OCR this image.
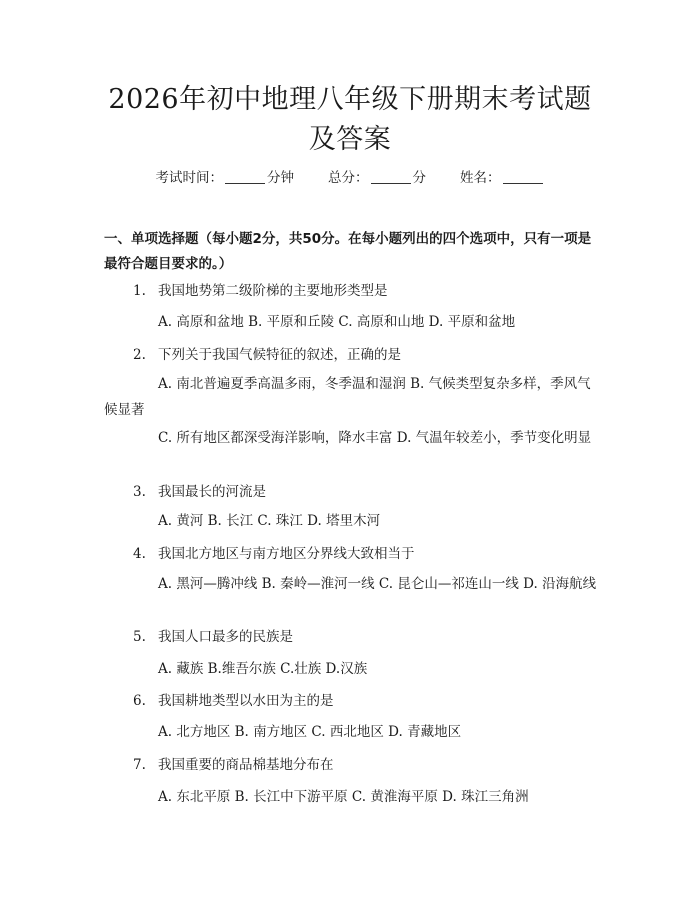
2026年初中地理八年级下册期末考试题及答案
考试时间：	分钟	总分：	分	姓名：
一、单项选择题（每小题2分，共50分。在每小题列出的四个选项中，只有一项是最符合题目要求的。）
1. 我国地势第二级阶梯的主要地形类型是
A. 高原和盆地 B. 平原和丘陵 C. 高原和山地 D. 平原和盆地
2. 下列关于我国气候特征的叙述，正确的是
A. 南北普遍夏季高温多雨，冬季温和湿润 B. 气候类型复杂多样，季风气候显著
C. 所有地区都深受海洋影响，降水丰富 D. 气温年较差小，季节变化明显
3. 我国最长的河流是
A. 黄河 B. 长江 C. 珠江 D. 塔里木河
4. 我国北方地区与南方地区分界线大致相当于
A. 黑河—腾冲线 B. 秦岭—淮河一线 C. 昆仑山—祁连山一线 D. 沿海航线
5. 我国人口最多的民族是
A. 藏族 B.维吾尔族 C.壮族 D.汉族
6. 我国耕地类型以水田为主的是
A. 北方地区 B. 南方地区 C. 西北地区 D. 青藏地区
7. 我国重要的商品棉基地分布在
A. 东北平原 B. 长江中下游平原 C. 黄淮海平原 D. 珠江三角洲
